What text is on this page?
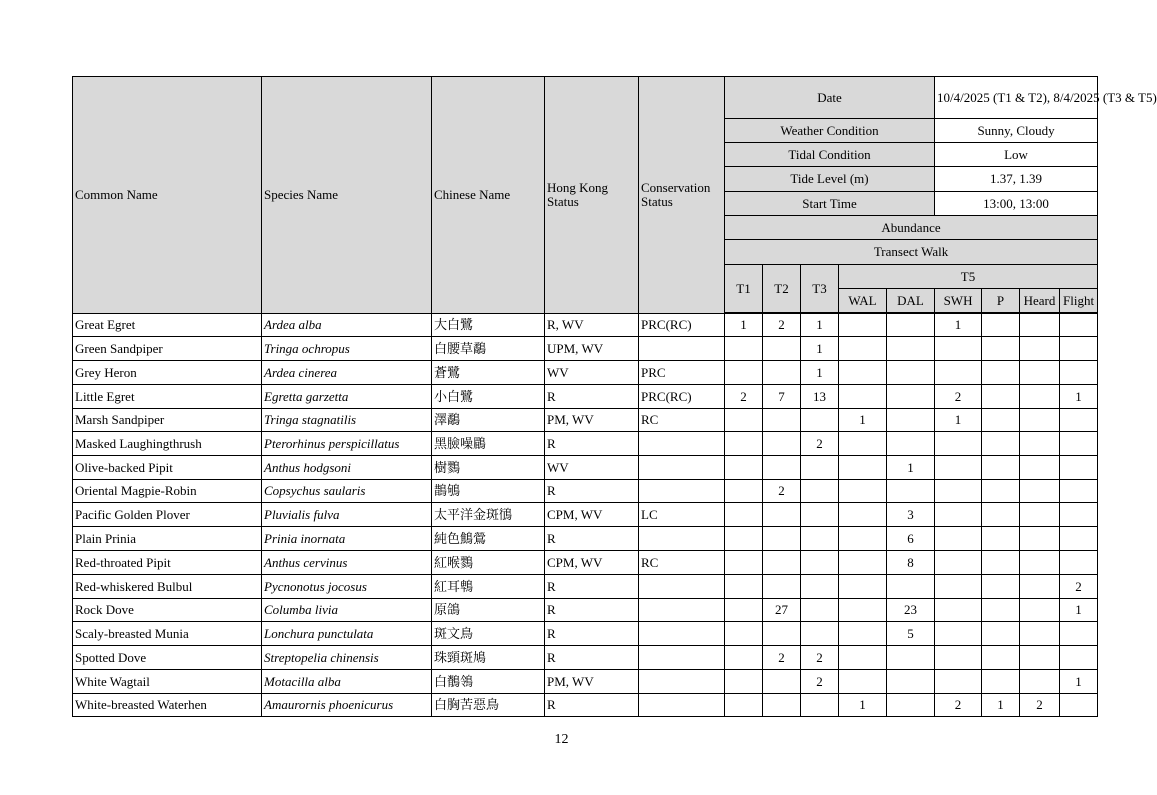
Common Name	Species Name	Chinese Name	Hong Kong Status	Conservation Status	Date					10/4/2025 (T1 & T2), 8/4/2025 (T3 & T5)			
					Weather Condition					Sunny, Cloudy			
					Tidal Condition					Low			
					Tide Level (m)					1.37, 1.39			
					Start Time					13:00, 13:00			
					Abundance								
					Transect Walk								
					T1	T2	T3	T5					
								WAL	DAL	SWH	P	Heard	Flight

Great Egret	Ardea alba	大白鷺	R, WV	PRC(RC)	1	2	1			1			
Green Sandpiper	Tringa ochropus	白腰草鷸	UPM, WV				1						
Grey Heron	Ardea cinerea	蒼鷺	WV	PRC			1						
Little Egret	Egretta garzetta	小白鷺	R	PRC(RC)	2	7	13			2			1
Marsh Sandpiper	Tringa stagnatilis	澤鷸	PM, WV	RC				1		1			
Masked Laughingthrush	Pterorhinus perspicillatus	黑臉噪鶥	R				2						
Olive-backed Pipit	Anthus hodgsoni	樹鷚	WV						1				
Oriental Magpie-Robin	Copsychus saularis	鵲鴝	R			2							
Pacific Golden Plover	Pluvialis fulva	太平洋金斑鴴	CPM, WV	LC					3				
Plain Prinia	Prinia inornata	純色鷦鶯	R						6				
Red-throated Pipit	Anthus cervinus	紅喉鷚	CPM, WV	RC					8				
Red-whiskered Bulbul	Pycnonotus jocosus	紅耳鵯	R										2
Rock Dove	Columba livia	原鴿	R			27			23				1
Scaly-breasted Munia	Lonchura punctulata	斑文鳥	R						5				
Spotted Dove	Streptopelia chinensis	珠頸斑鳩	R			2	2						
White Wagtail	Motacilla alba	白鶺鴒	PM, WV				2						1
White-breasted Waterhen	Amaurornis phoenicurus	白胸苦惡鳥	R					1		2	1	2	
12
